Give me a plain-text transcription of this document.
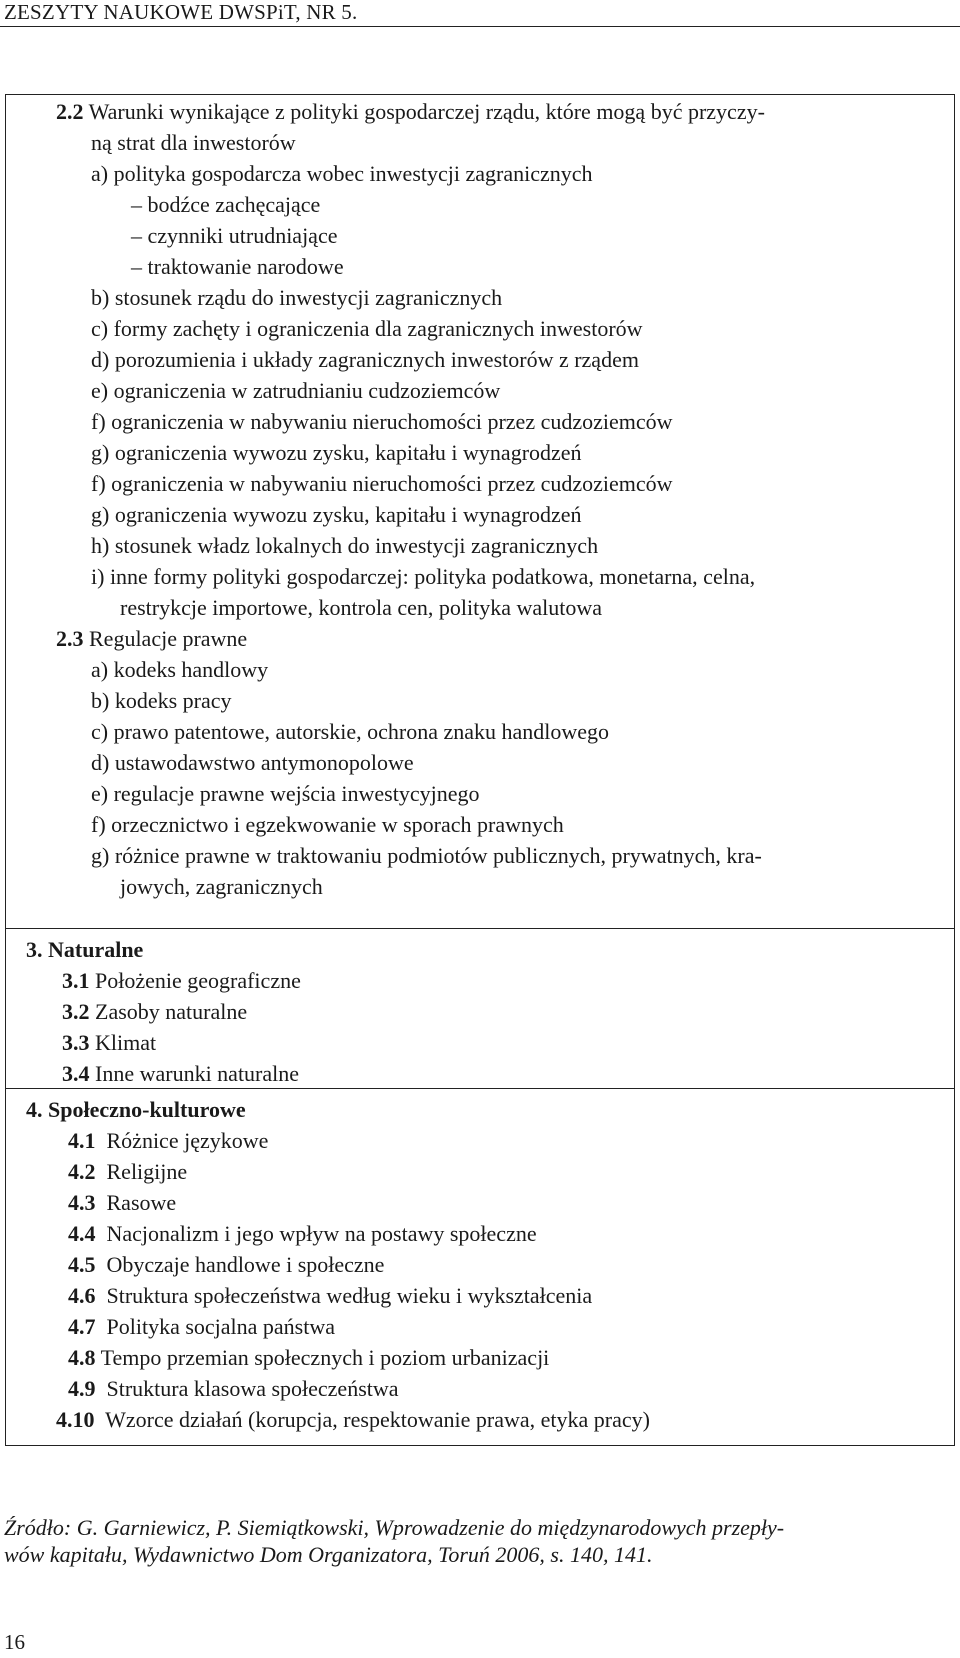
ZESZYTY NAUKOWE DWSPiT, NR 5.
2.2 Warunki wynikające z polityki gospodarczej rządu, które mogą być przyczy-
ną strat dla inwestorów
a) polityka gospodarcza wobec inwestycji zagranicznych
– bodźce zachęcające
– czynniki utrudniające
– traktowanie narodowe
b) stosunek rządu do inwestycji zagranicznych
c) formy zachęty i ograniczenia dla zagranicznych inwestorów
d) porozumienia i układy zagranicznych inwestorów z rządem
e) ograniczenia w zatrudnianiu cudzoziemców
f) ograniczenia w nabywaniu nieruchomości przez cudzoziemców
g) ograniczenia wywozu zysku, kapitału i wynagrodzeń
f) ograniczenia w nabywaniu nieruchomości przez cudzoziemców
g) ograniczenia wywozu zysku, kapitału i wynagrodzeń
h) stosunek władz lokalnych do inwestycji zagranicznych
i) inne formy polityki gospodarczej: polityka podatkowa, monetarna, celna,
restrykcje importowe, kontrola cen, polityka walutowa
2.3 Regulacje prawne
a) kodeks handlowy
b) kodeks pracy
c) prawo patentowe, autorskie, ochrona znaku handlowego
d) ustawodawstwo antymonopolowe
e) regulacje prawne wejścia inwestycyjnego
f) orzecznictwo i egzekwowanie w sporach prawnych
g) różnice prawne w traktowaniu podmiotów publicznych, prywatnych, kra-
jowych, zagranicznych
3. Naturalne
3.1 Położenie geograficzne
3.2 Zasoby naturalne
3.3 Klimat
3.4 Inne warunki naturalne
4. Społeczno-kulturowe
4.1 Różnice językowe
4.2 Religijne
4.3 Rasowe
4.4 Nacjonalizm i jego wpływ na postawy społeczne
4.5 Obyczaje handlowe i społeczne
4.6 Struktura społeczeństwa według wieku i wykształcenia
4.7 Polityka socjalna państwa
4.8 Tempo przemian społecznych i poziom urbanizacji
4.9 Struktura klasowa społeczeństwa
4.10 Wzorce działań (korupcja, respektowanie prawa, etyka pracy)
Źródło: G. Garniewicz, P. Siemiątkowski, Wprowadzenie do międzynarodowych przepły-
wów kapitału, Wydawnictwo Dom Organizatora, Toruń 2006, s. 140, 141.
16
